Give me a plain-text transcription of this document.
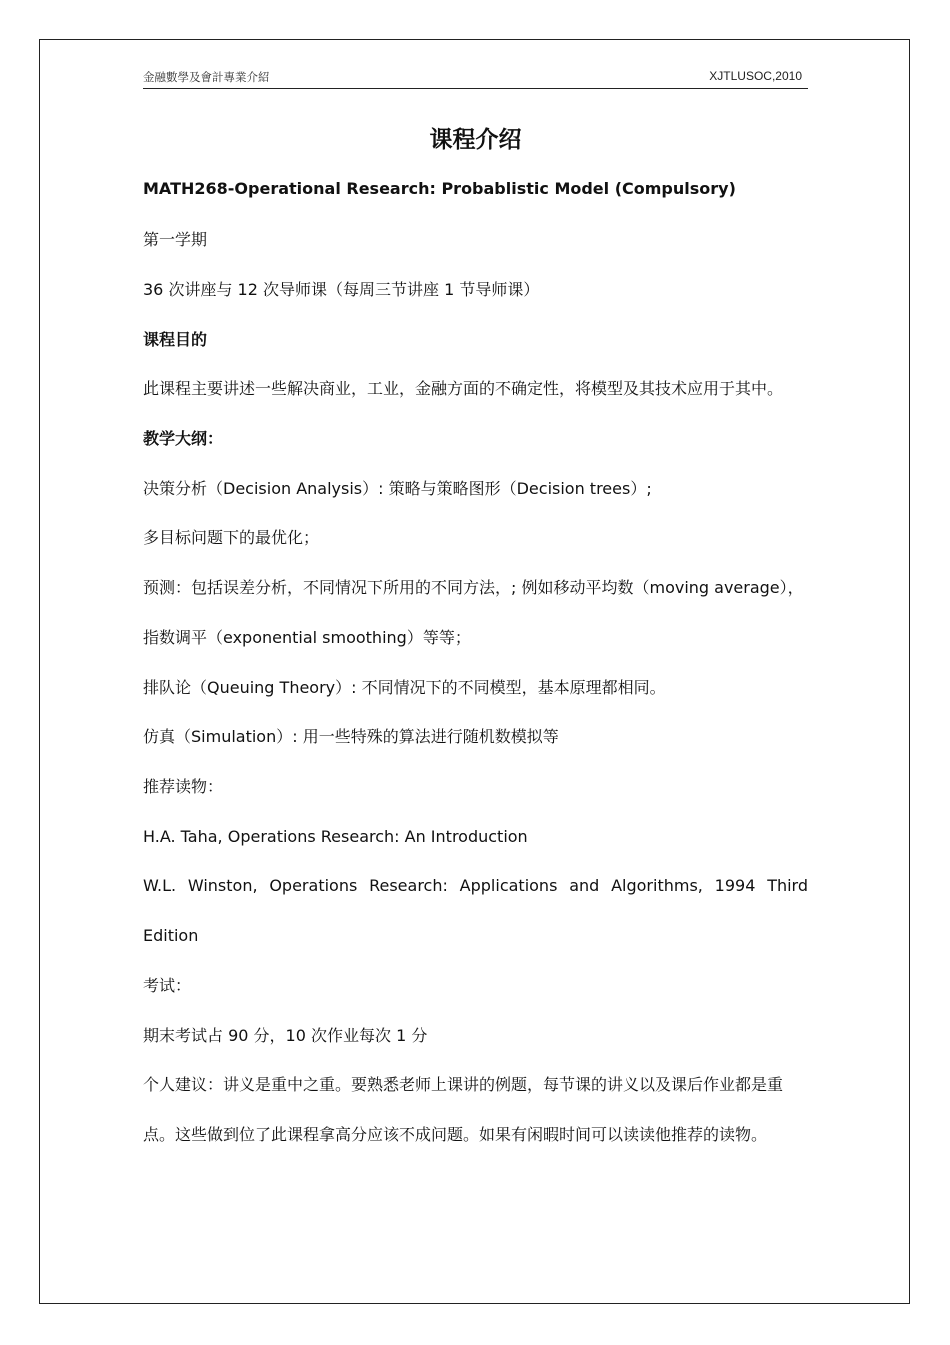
金融數學及會計專業介紹	XJTLUSOC,2010
课程介绍
MATH268-Operational Research: Probablistic Model (Compulsory)
第一学期
36 次讲座与 12 次导师课（每周三节讲座 1 节导师课）
课程目的
此课程主要讲述一些解决商业，工业，金融方面的不确定性，将模型及其技术应用于其中。
教学大纲：
决策分析（Decision Analysis）: 策略与策略图形（Decision trees）;
多目标问题下的最优化；
预测：包括误差分析，不同情况下所用的不同方法，; 例如移动平均数（moving average），
指数调平（exponential smoothing）等等；
排队论（Queuing Theory）: 不同情况下的不同模型，基本原理都相同。
仿真（Simulation）: 用一些特殊的算法进行随机数模拟等
推荐读物：
H.A. Taha, Operations Research: An Introduction
W.L. Winston, Operations Research: Applications and Algorithms, 1994 Third
Edition
考试：
期末考试占 90 分，10 次作业每次 1 分
个人建议：讲义是重中之重。要熟悉老师上课讲的例题，每节课的讲义以及课后作业都是重
点。这些做到位了此课程拿高分应该不成问题。如果有闲暇时间可以读读他推荐的读物。
